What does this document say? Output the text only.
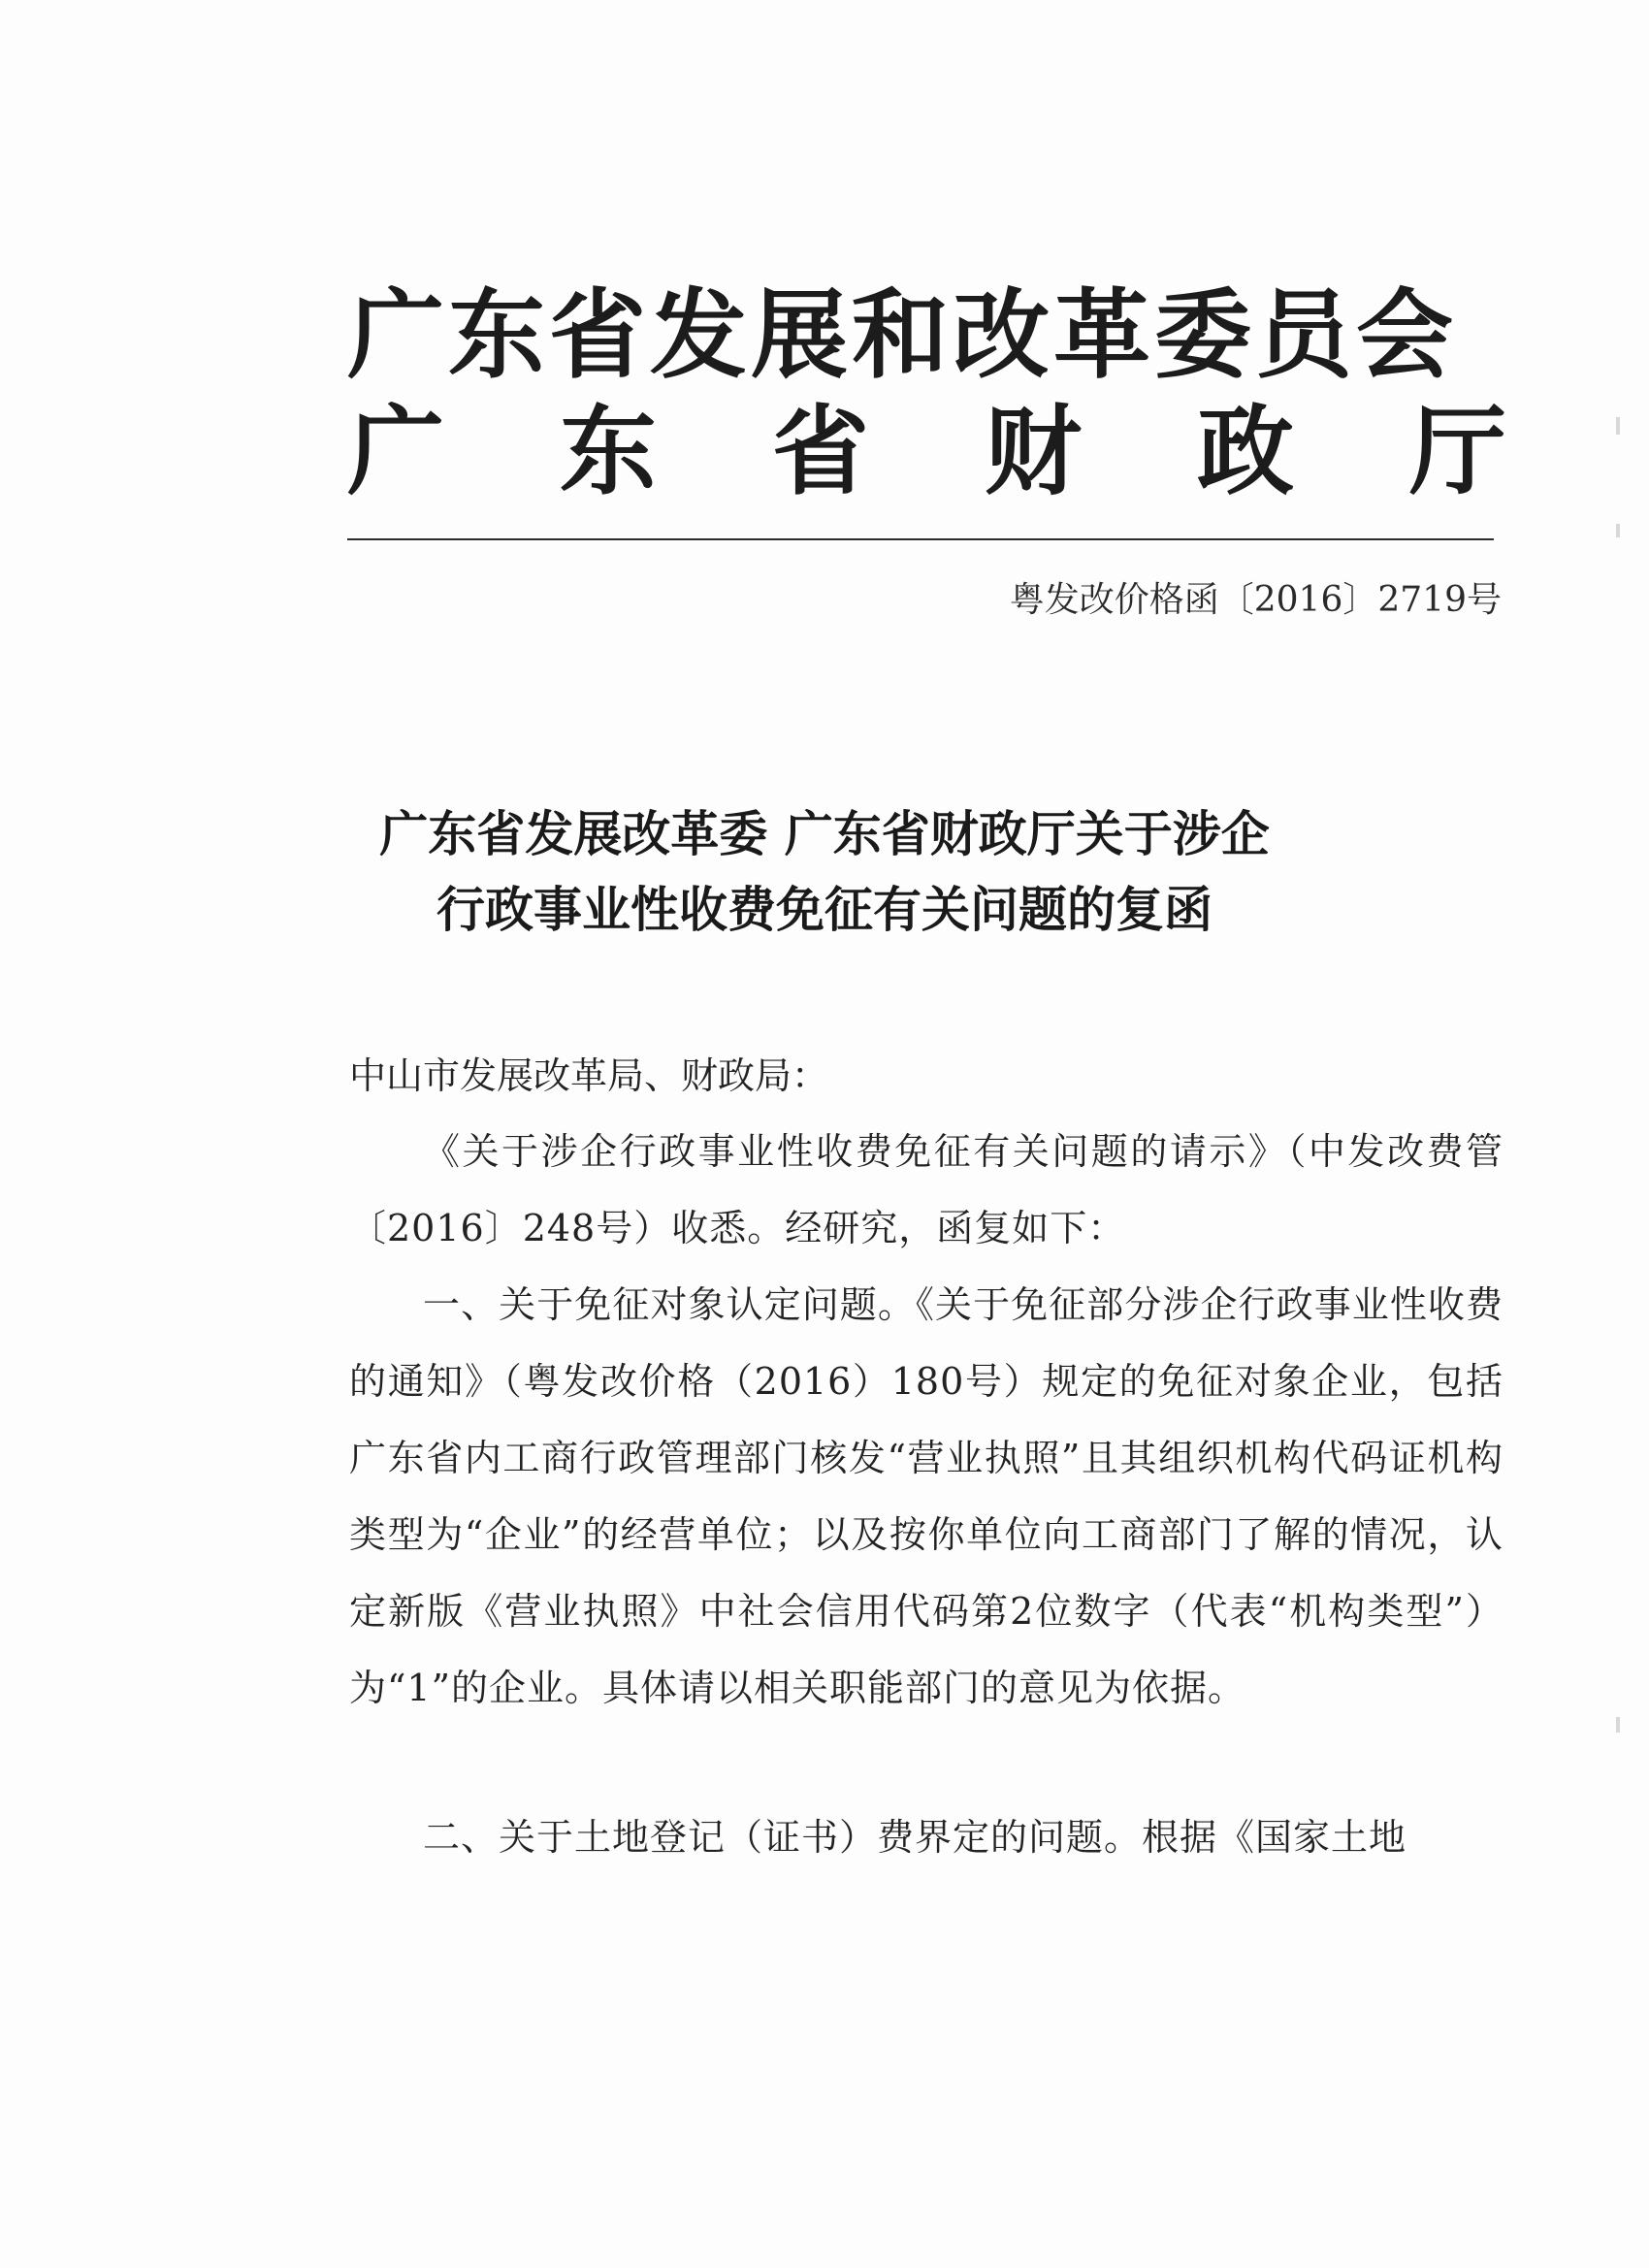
广东省发展和改革委员会
广 东 省 财 政 厅
粤发改价格函〔2016〕2719号
广东省发展改革委 广东省财政厅关于涉企
行政事业性收费免征有关问题的复函
中山市发展改革局、财政局：
《关于涉企行政事业性收费免征有关问题的请示》（中发改费管〔2016〕248号）收悉。经研究，函复如下：
一、关于免征对象认定问题。《关于免征部分涉企行政事业性收费的通知》（粤发改价格（2016）180号）规定的免征对象企业，包括广东省内工商行政管理部门核发“营业执照”且其组织机构代码证机构类型为“企业”的经营单位；以及按你单位向工商部门了解的情况，认定新版《营业执照》中社会信用代码第2位数字（代表“机构类型”）为“1”的企业。具体请以相关职能部门的意见为依据。
二、关于土地登记（证书）费界定的问题。根据《国家土地
